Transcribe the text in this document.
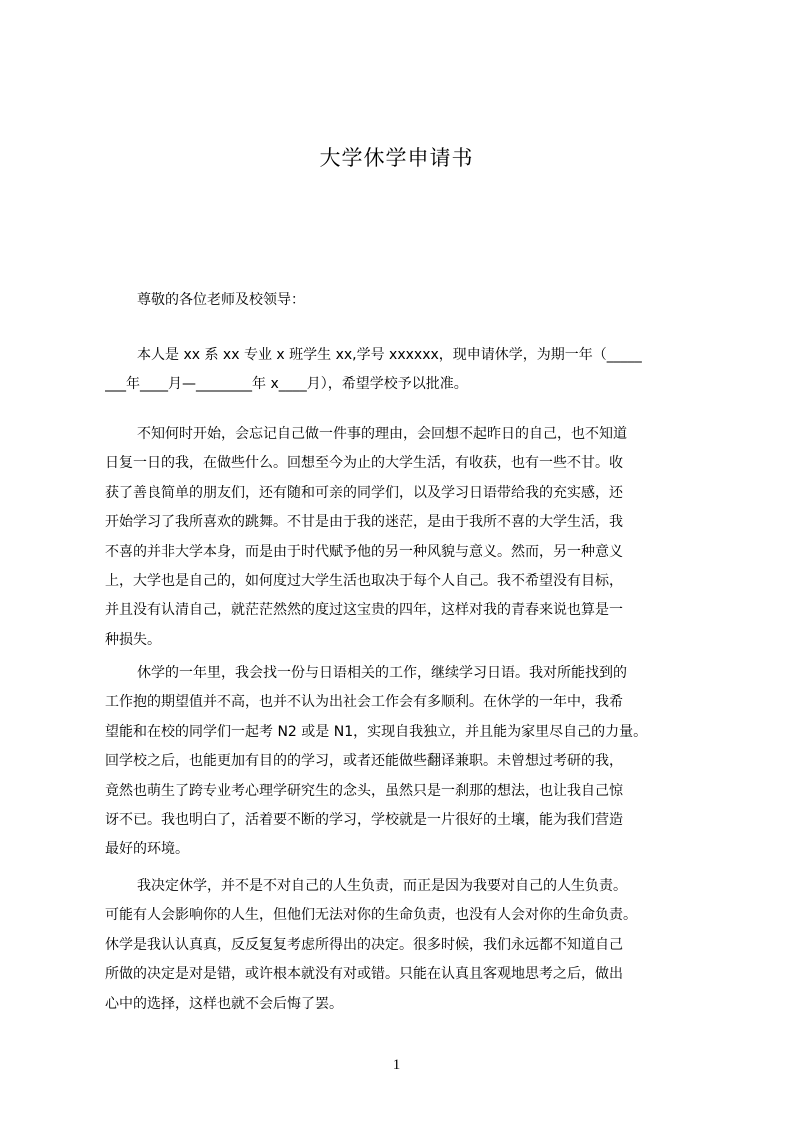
大学休学申请书
尊敬的各位老师及校领导：
本人是 xx 系 xx 专业 x 班学生 xx,学号 xxxxxx，现申请休学，为期一年（_____
___年____月—________年 x____月），希望学校予以批准。
不知何时开始，会忘记自己做一件事的理由，会回想不起昨日的自己，也不知道
日复一日的我，在做些什么。回想至今为止的大学生活，有收获，也有一些不甘。收
获了善良简单的朋友们，还有随和可亲的同学们，以及学习日语带给我的充实感，还
开始学习了我所喜欢的跳舞。不甘是由于我的迷茫，是由于我所不喜的大学生活，我
不喜的并非大学本身，而是由于时代赋予他的另一种风貌与意义。然而，另一种意义
上，大学也是自己的，如何度过大学生活也取决于每个人自己。我不希望没有目标，
并且没有认清自己，就茫茫然然的度过这宝贵的四年，这样对我的青春来说也算是一
种损失。
休学的一年里，我会找一份与日语相关的工作，继续学习日语。我对所能找到的
工作抱的期望值并不高，也并不认为出社会工作会有多顺利。在休学的一年中，我希
望能和在校的同学们一起考 N2 或是 N1，实现自我独立，并且能为家里尽自己的力量。
回学校之后，也能更加有目的的学习，或者还能做些翻译兼职。未曾想过考研的我，
竟然也萌生了跨专业考心理学研究生的念头，虽然只是一刹那的想法，也让我自己惊
讶不已。我也明白了，活着要不断的学习，学校就是一片很好的土壤，能为我们营造
最好的环境。
我决定休学，并不是不对自己的人生负责，而正是因为我要对自己的人生负责。
可能有人会影响你的人生，但他们无法对你的生命负责，也没有人会对你的生命负责。
休学是我认认真真，反反复复考虑所得出的决定。很多时候，我们永远都不知道自己
所做的决定是对是错，或许根本就没有对或错。只能在认真且客观地思考之后，做出
心中的选择，这样也就不会后悔了罢。
1
